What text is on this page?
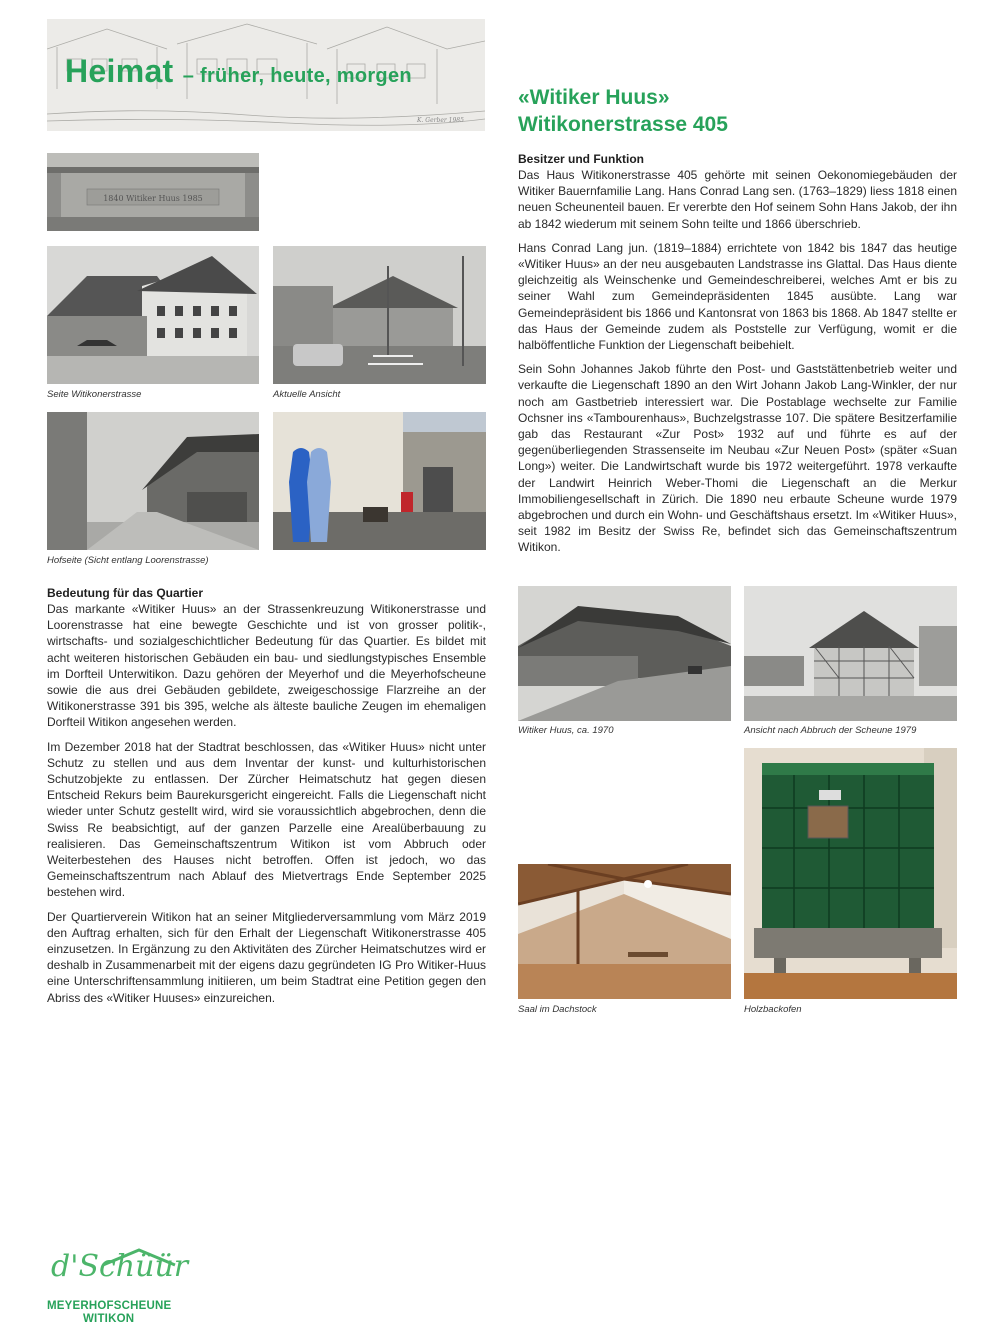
K. Gerber 1985
Heimat – früher, heute, morgen
«Witiker Huus»
Witikonerstrasse 405
1840 Witiker Huus 1985
Seite Witikonerstrasse	Aktuelle Ansicht
Hofseite (Sicht entlang Loorenstrasse)

Besitzer und Funktion

Das Haus Witikonerstrasse 405 gehörte mit seinen Oekonomiegebäuden der Witiker Bauernfamilie Lang. Hans Conrad Lang sen. (1763–1829) liess 1818 einen neuen Scheunenteil bauen. Er vererbte den Hof seinem Sohn Hans Jakob, der ihn ab 1842 wiederum mit seinem Sohn teilte und 1866 überschrieb.

Hans Conrad Lang jun. (1819–1884) errichtete von 1842 bis 1847 das heutige «Witiker Huus» an der neu ausgebauten Landstrasse ins Glattal. Das Haus diente gleichzeitig als Weinschenke und Gemeindeschreiberei, welches Amt er bis zu seiner Wahl zum Gemeindepräsidenten 1845 ausübte. Lang war Gemeindepräsident bis 1866 und Kantonsrat von 1863 bis 1868. Ab 1847 stellte er das Haus der Gemeinde zudem als Poststelle zur Verfügung, womit er die halböffentliche Funktion der Liegenschaft beibehielt.

Sein Sohn Johannes Jakob führte den Post- und Gaststättenbetrieb weiter und verkaufte die Liegenschaft 1890 an den Wirt Johann Jakob Lang-Winkler, der nur noch am Gastbetrieb interessiert war. Die Postablage wechselte zur Familie Ochsner ins «Tambourenhaus», Buchzelgstrasse 107. Die spätere Besitzerfamilie gab das Restaurant «Zur Post» 1932 auf und führte es auf der gegenüberliegenden Strassenseite im Neubau «Zur Neuen Post» (später «Suan Long») weiter. Die Landwirtschaft wurde bis 1972 weitergeführt. 1978 verkaufte der Landwirt Heinrich Weber-Thomi die Liegenschaft an die Merkur Immobiliengesellschaft in Zürich. Die 1890 neu erbaute Scheune wurde 1979 abgebrochen und durch ein Wohn- und Geschäftshaus ersetzt. Im «Witiker Huus», seit 1982 im Besitz der Swiss Re, befindet sich das Gemeinschaftszentrum Witikon.

Bedeutung für das Quartier

Das markante «Witiker Huus» an der Strassenkreuzung Witikonerstrasse und Loorenstrasse hat eine bewegte Geschichte und ist von grosser politik-, wirtschafts- und sozialgeschichtlicher Bedeutung für das Quartier. Es bildet mit acht weiteren historischen Gebäuden ein bau- und siedlungstypisches Ensemble im Dorfteil Unterwitikon. Dazu gehören der Meyerhof und die Meyerhofscheune sowie die aus drei Gebäuden gebildete, zweigeschossige Flarzreihe an der Witikonerstrasse 391 bis 395, welche als älteste bauliche Zeugen im ehemaligen Dorfteil Witikon angesehen werden.

Im Dezember 2018 hat der Stadtrat beschlossen, das «Witiker Huus» nicht unter Schutz zu stellen und aus dem Inventar der kunst- und kulturhistorischen Schutzobjekte zu entlassen. Der Zürcher Heimatschutz hat gegen diesen Entscheid Rekurs beim Baurekursgericht eingereicht. Falls die Liegenschaft nicht wieder unter Schutz gestellt wird, wird sie voraussichtlich abgebrochen, denn die Swiss Re beabsichtigt, auf der ganzen Parzelle eine Arealüberbauung zu realisieren. Das Gemeinschaftszentrum Witikon ist vom Abbruch oder Weiterbestehen des Hauses nicht betroffen. Offen ist jedoch, wo das Gemeinschaftszentrum nach Ablauf des Mietvertrags Ende September 2025 bestehen wird.

Der Quartierverein Witikon hat an seiner Mitgliederversammlung vom März 2019 den Auftrag erhalten, sich für den Erhalt der Liegenschaft Witikonerstrasse 405 einzusetzen. In Ergänzung zu den Aktivitäten des Zürcher Heimatschutzes wird er deshalb in Zusammenarbeit mit der eigens dazu gegründeten IG Pro Witiker-Huus eine Unterschriftensammlung initiieren, um beim Stadtrat eine Petition gegen den Abriss des «Witiker Huuses» einzureichen.

Witiker Huus, ca. 1970	Ansicht nach Abbruch der Scheune 1979
Saal im Dachstock	Holzbackofen
d'Schüür
MEYERHOFSCHEUNE
WITIKON
